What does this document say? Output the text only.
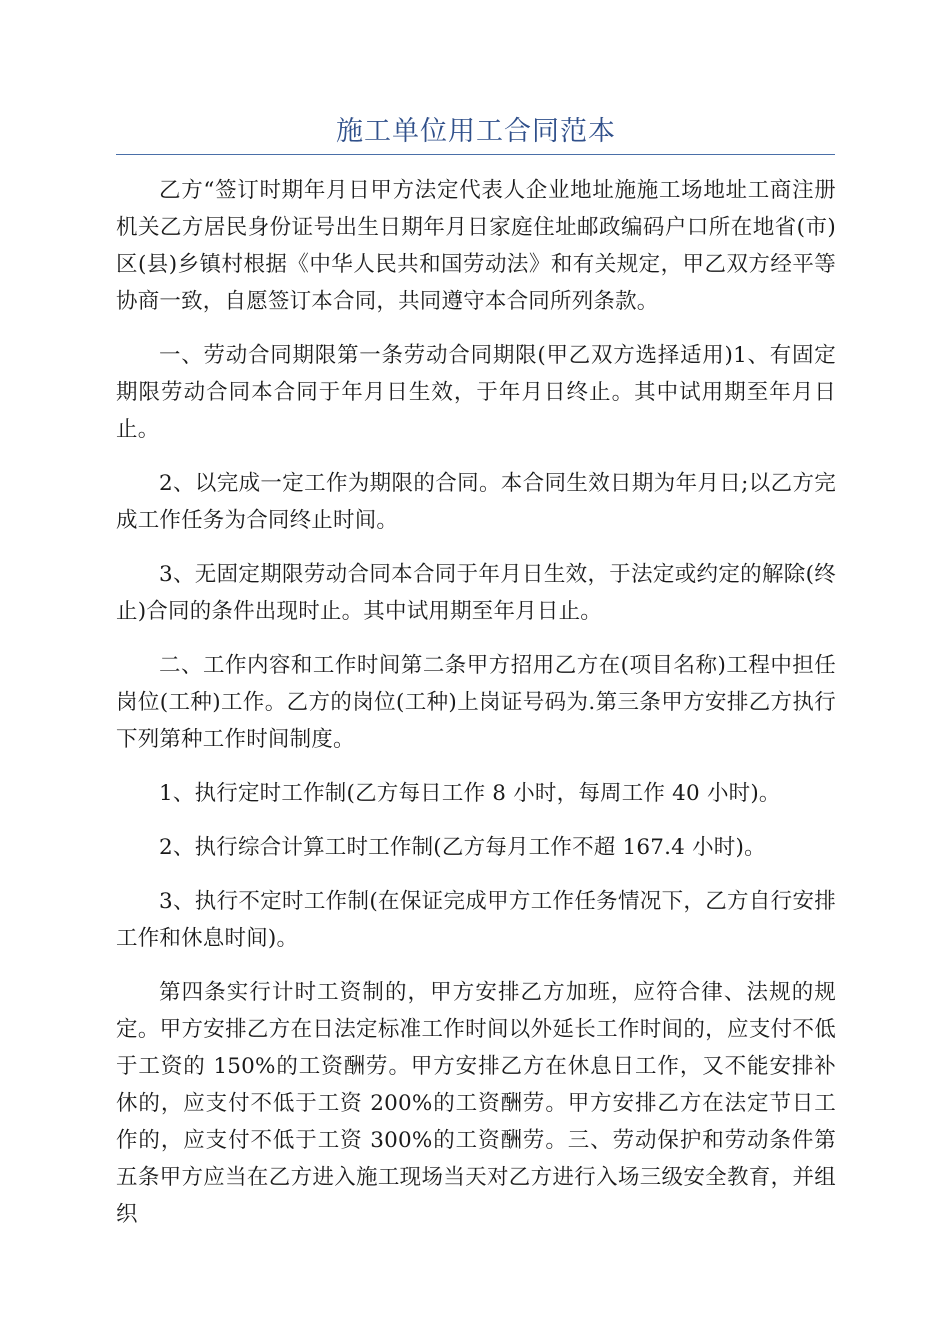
施工单位用工合同范本

乙方“签订时期年月日甲方法定代表人企业地址施施工场地址工商注册机关乙方居民身份证号出生日期年月日家庭住址邮政编码户口所在地省(市)区(县)乡镇村根据《中华人民共和国劳动法》和有关规定，甲乙双方经平等协商一致，自愿签订本合同，共同遵守本合同所列条款。

一、劳动合同期限第一条劳动合同期限(甲乙双方选择适用)1、有固定期限劳动合同本合同于年月日生效，于年月日终止。其中试用期至年月日止。

2、以完成一定工作为期限的合同。本合同生效日期为年月日;以乙方完成工作任务为合同终止时间。

3、无固定期限劳动合同本合同于年月日生效，于法定或约定的解除(终止)合同的条件出现时止。其中试用期至年月日止。

二、工作内容和工作时间第二条甲方招用乙方在(项目名称)工程中担任岗位(工种)工作。乙方的岗位(工种)上岗证号码为.第三条甲方安排乙方执行下列第种工作时间制度。

1、执行定时工作制(乙方每日工作 8 小时，每周工作 40 小时)。

2、执行综合计算工时工作制(乙方每月工作不超 167.4 小时)。

3、执行不定时工作制(在保证完成甲方工作任务情况下，乙方自行安排工作和休息时间)。

第四条实行计时工资制的，甲方安排乙方加班，应符合律、法规的规定。甲方安排乙方在日法定标准工作时间以外延长工作时间的，应支付不低于工资的 150%的工资酬劳。甲方安排乙方在休息日工作，又不能安排补休的，应支付不低于工资 200%的工资酬劳。甲方安排乙方在法定节日工作的，应支付不低于工资 300%的工资酬劳。三、劳动保护和劳动条件第五条甲方应当在乙方进入施工现场当天对乙方进行入场三级安全教育，并组织
